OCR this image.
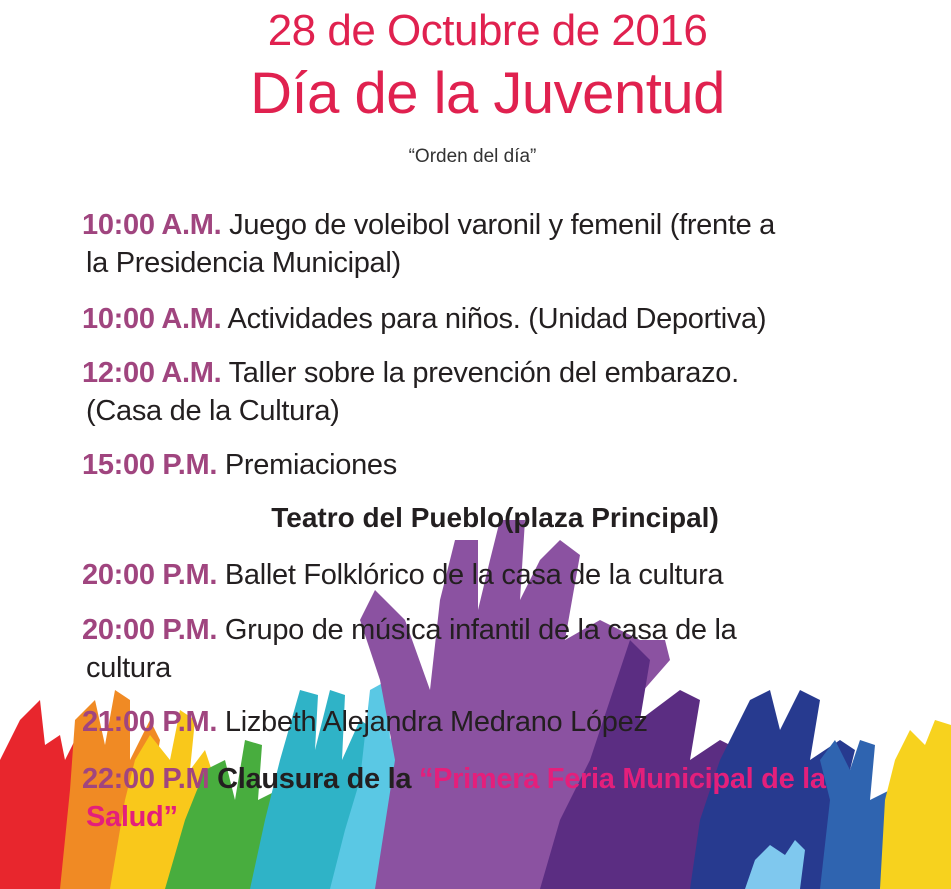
28 de Octubre de 2016
Día de la Juventud
“Orden del día”
10:00 A.M. Juego de voleibol varonil y femenil (frente a
la Presidencia Municipal)
10:00 A.M. Actividades para niños. (Unidad Deportiva)
12:00 A.M. Taller sobre la prevención del embarazo.
(Casa de la Cultura)
15:00 P.M. Premiaciones
Teatro del Pueblo(plaza Principal)
20:00 P.M. Ballet Folklórico de la casa de la cultura
20:00 P.M. Grupo de música infantil de la casa de la
cultura
21:00 P.M. Lizbeth Alejandra Medrano López
22:00 P.M Clausura de la “Primera Feria Municipal de la
Salud”
